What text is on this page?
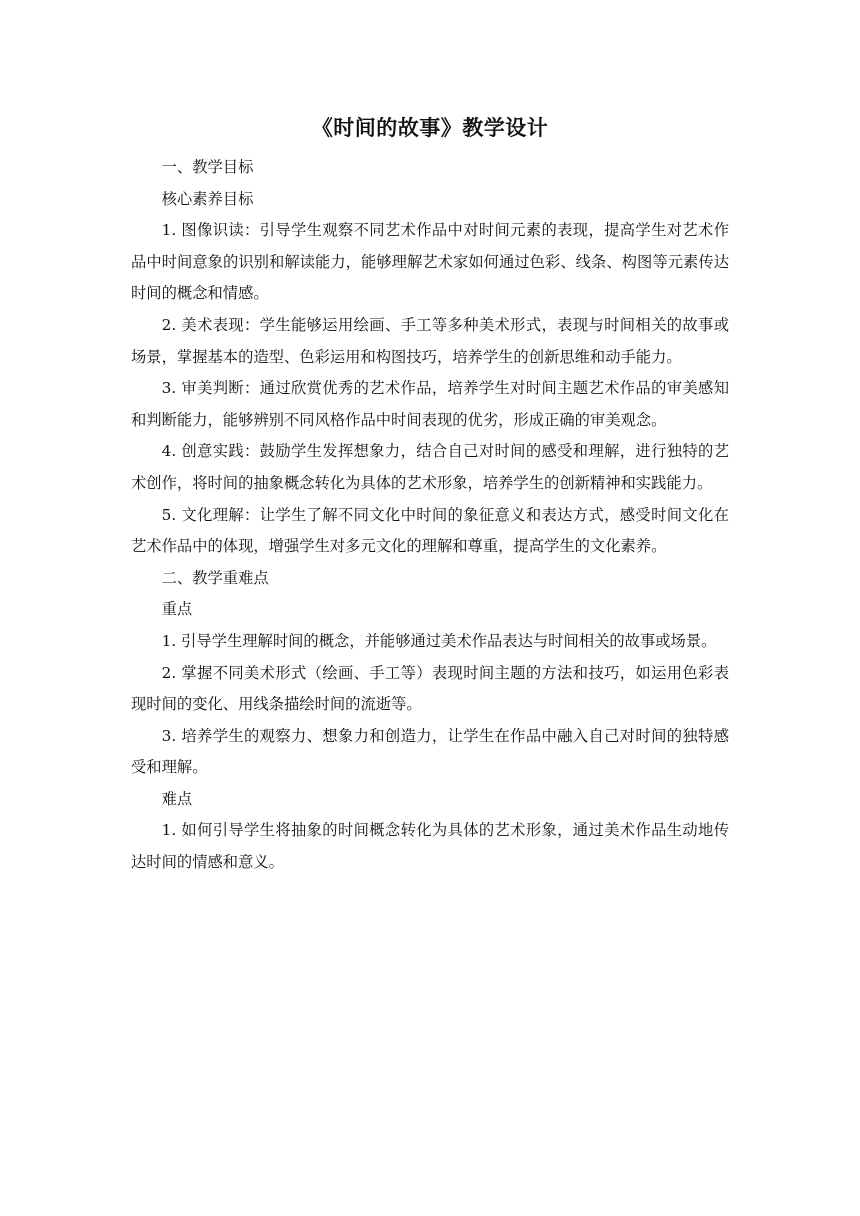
《时间的故事》教学设计

一、教学目标

核心素养目标

1. 图像识读：引导学生观察不同艺术作品中对时间元素的表现，提高学生对艺术作品中时间意象的识别和解读能力，能够理解艺术家如何通过色彩、线条、构图等元素传达时间的概念和情感。

2. 美术表现：学生能够运用绘画、手工等多种美术形式，表现与时间相关的故事或场景，掌握基本的造型、色彩运用和构图技巧，培养学生的创新思维和动手能力。

3. 审美判断：通过欣赏优秀的艺术作品，培养学生对时间主题艺术作品的审美感知和判断能力，能够辨别不同风格作品中时间表现的优劣，形成正确的审美观念。

4. 创意实践：鼓励学生发挥想象力，结合自己对时间的感受和理解，进行独特的艺术创作，将时间的抽象概念转化为具体的艺术形象，培养学生的创新精神和实践能力。

5. 文化理解：让学生了解不同文化中时间的象征意义和表达方式，感受时间文化在艺术作品中的体现，增强学生对多元文化的理解和尊重，提高学生的文化素养。

二、教学重难点

重点

1. 引导学生理解时间的概念，并能够通过美术作品表达与时间相关的故事或场景。

2. 掌握不同美术形式（绘画、手工等）表现时间主题的方法和技巧，如运用色彩表现时间的变化、用线条描绘时间的流逝等。

3. 培养学生的观察力、想象力和创造力，让学生在作品中融入自己对时间的独特感受和理解。

难点

1. 如何引导学生将抽象的时间概念转化为具体的艺术形象，通过美术作品生动地传达时间的情感和意义。
